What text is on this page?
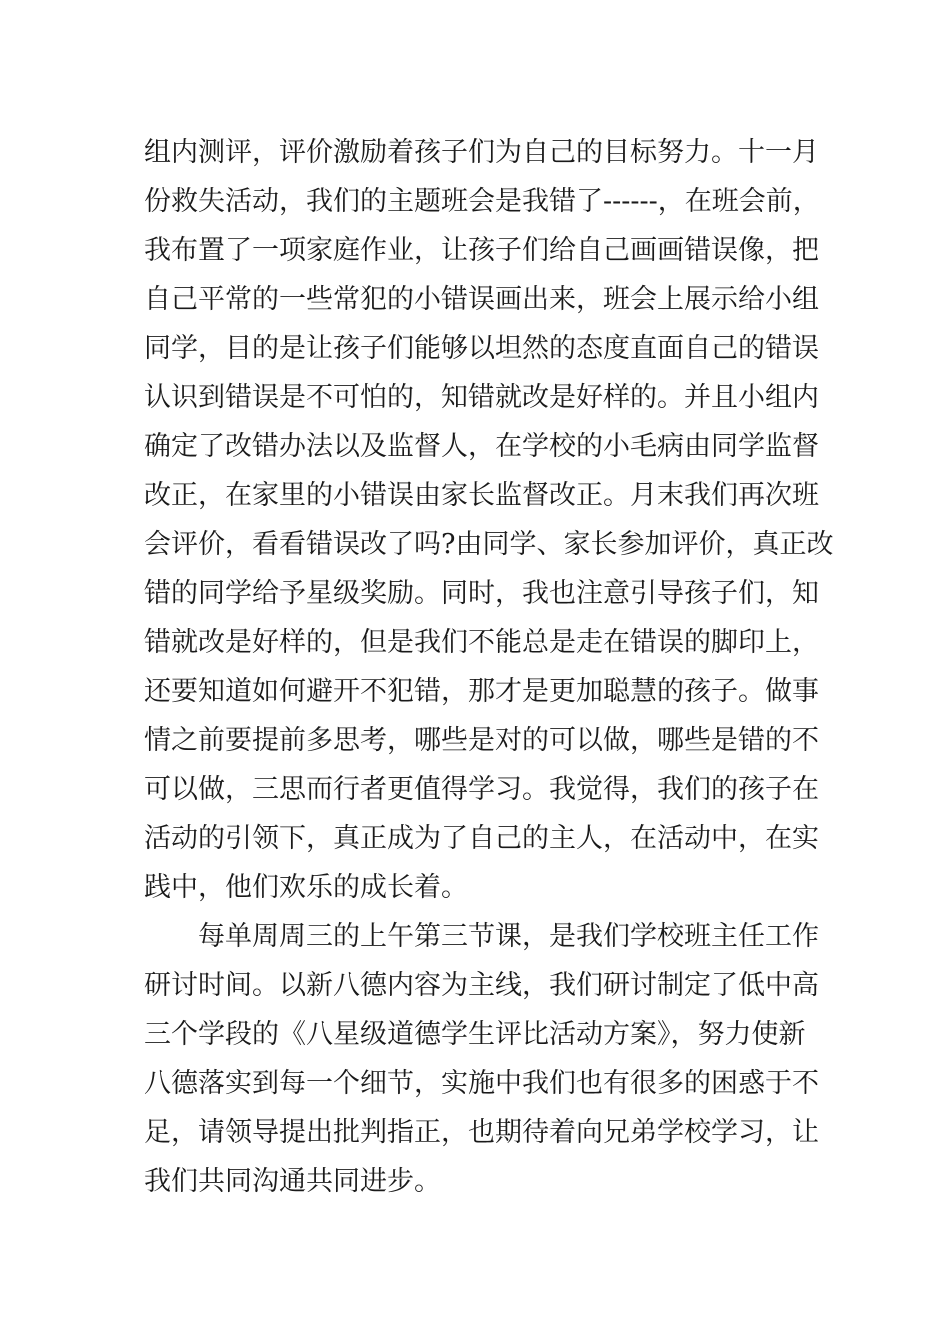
组内测评，评价激励着孩子们为自己的目标努力。十一月
份救失活动，我们的主题班会是我错了------，在班会前，
我布置了一项家庭作业，让孩子们给自己画画错误像，把
自己平常的一些常犯的小错误画出来，班会上展示给小组
同学，目的是让孩子们能够以坦然的态度直面自己的错误
认识到错误是不可怕的，知错就改是好样的。并且小组内
确定了改错办法以及监督人，在学校的小毛病由同学监督
改正，在家里的小错误由家长监督改正。月末我们再次班
会评价，看看错误改了吗?由同学、家长参加评价，真正改
错的同学给予星级奖励。同时，我也注意引导孩子们，知
错就改是好样的，但是我们不能总是走在错误的脚印上，
还要知道如何避开不犯错，那才是更加聪慧的孩子。做事
情之前要提前多思考，哪些是对的可以做，哪些是错的不
可以做，三思而行者更值得学习。我觉得，我们的孩子在
活动的引领下，真正成为了自己的主人，在活动中，在实
践中，他们欢乐的成长着。
每单周周三的上午第三节课，是我们学校班主任工作
研讨时间。以新八德内容为主线，我们研讨制定了低中高
三个学段的《八星级道德学生评比活动方案》，努力使新
八德落实到每一个细节，实施中我们也有很多的困惑于不
足，请领导提出批判指正，也期待着向兄弟学校学习，让
我们共同沟通共同进步。
